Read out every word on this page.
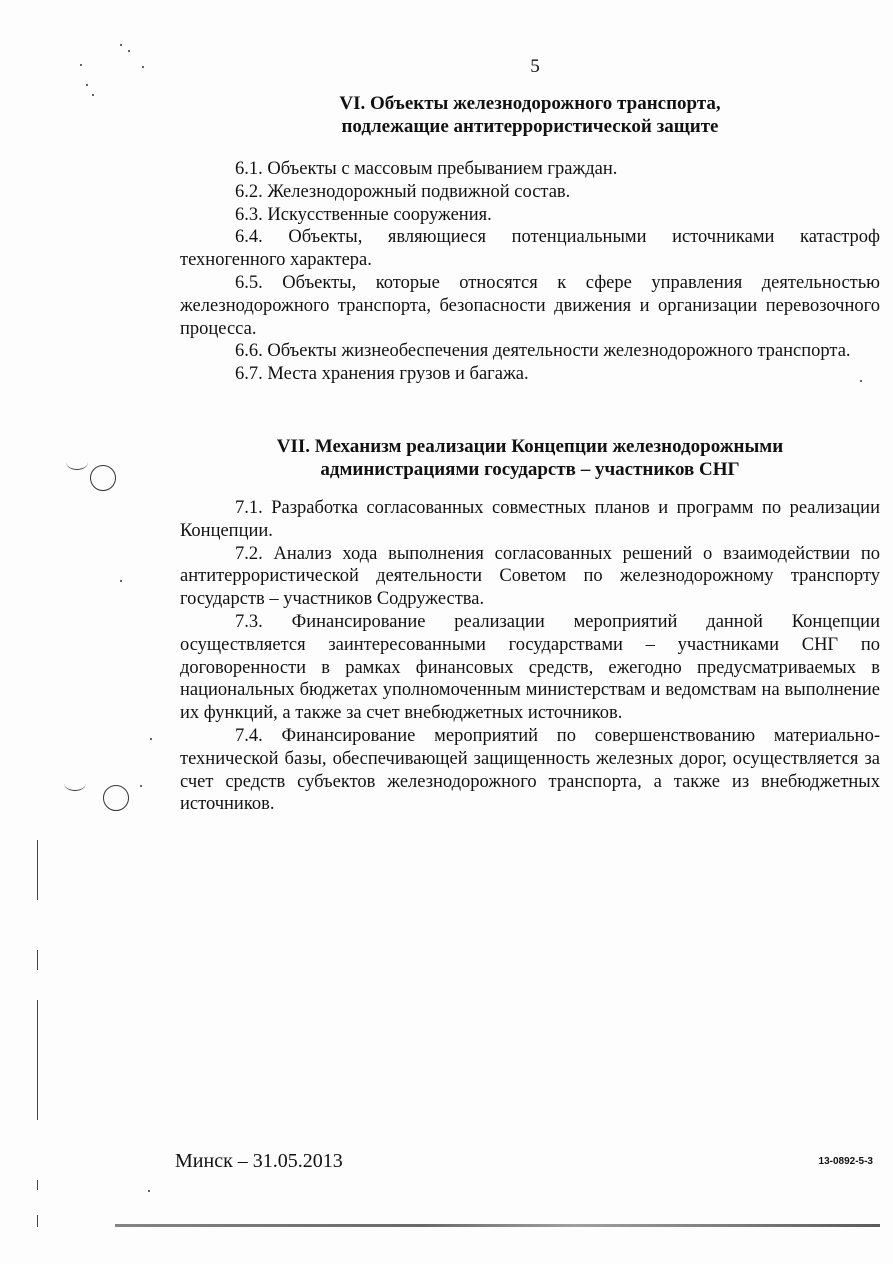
5
VI. Объекты железнодорожного транспорта,
подлежащие антитеррористической защите

6.1. Объекты с массовым пребыванием граждан.

6.2. Железнодорожный подвижной состав.

6.3. Искусственные сооружения.

6.4. Объекты, являющиеся потенциальными источниками катастроф техногенного характера.

6.5. Объекты, которые относятся к сфере управления деятельностью железнодорожного транспорта, безопасности движения и организации перевозочного процесса.

6.6. Объекты жизнеобеспечения деятельности железнодорожного транспорта.

6.7. Места хранения грузов и багажа.

VII. Механизм реализации Концепции железнодорожными
администрациями государств – участников СНГ

7.1. Разработка согласованных совместных планов и программ по реализации Концепции.

7.2. Анализ хода выполнения согласованных решений о взаимодействии по антитеррористической деятельности Советом по железнодорожному транспорту государств – участников Содружества.

7.3. Финансирование реализации мероприятий данной Концепции осуществляется заинтересованными государствами – участниками СНГ по договоренности в рамках финансовых средств, ежегодно предусматриваемых в национальных бюджетах уполномоченным министерствам и ведомствам на выполнение их функций, а также за счет внебюджетных источников.

7.4. Финансирование мероприятий по совершенствованию материально-технической базы, обеспечивающей защищенность железных дорог, осуществляется за счет средств субъектов железнодорожного транспорта, а также из внебюджетных источников.

Минск – 31.05.2013	13-0892-5-3
